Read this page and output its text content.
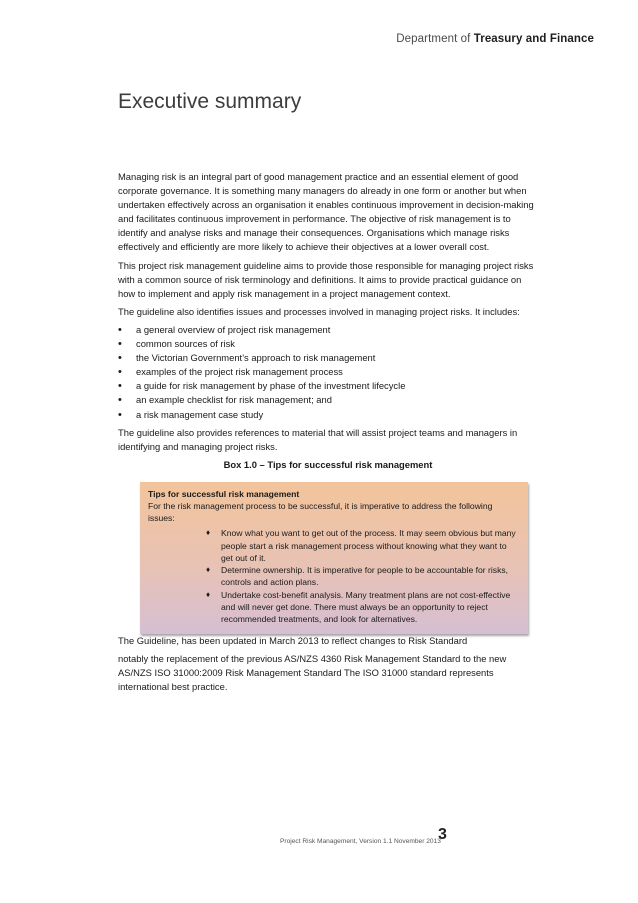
Department of Treasury and Finance
Executive summary

Managing risk is an integral part of good management practice and an essential element of good corporate governance. It is something many managers do already in one form or another but when undertaken effectively across an organisation it enables continuous improvement in decision-making and facilitates continuous improvement in performance. The objective of risk management is to identify and analyse risks and manage their consequences. Organisations which manage risks effectively and efficiently are more likely to achieve their objectives at a lower overall cost.

This project risk management guideline aims to provide those responsible for managing project risks with a common source of risk terminology and definitions. It aims to provide practical guidance on how to implement and apply risk management in a project management context.

The guideline also identifies issues and processes involved in managing project risks. It includes:

• a general overview of project risk management
• common sources of risk
• the Victorian Government’s approach to risk management
• examples of the project risk management process
• a guide for risk management by phase of the investment lifecycle
• an example checklist for risk management; and
• a risk management case study

The guideline also provides references to material that will assist project teams and managers in identifying and managing project risks.

Box 1.0 – Tips for successful risk management
Tips for successful risk management
For the risk management process to be successful, it is imperative to address the following issues:
♦ Know what you want to get out of the process. It may seem obvious but many people start a risk management process without knowing what they want to get out of it.
♦ Determine ownership. It is imperative for people to be accountable for risks, controls and action plans.
♦ Undertake cost-benefit analysis. Many treatment plans are not cost-effective and will never get done. There must always be an opportunity to reject recommended treatments, and look for alternatives.

The Guideline, has been updated in March 2013 to reflect changes to Risk Standard

notably the replacement of the previous AS/NZS 4360 Risk Management Standard to the new AS/NZS ISO 31000:2009 Risk Management Standard The ISO 31000 standard represents international best practice.

Project Risk Management, Version 1.1 November 2013
3
